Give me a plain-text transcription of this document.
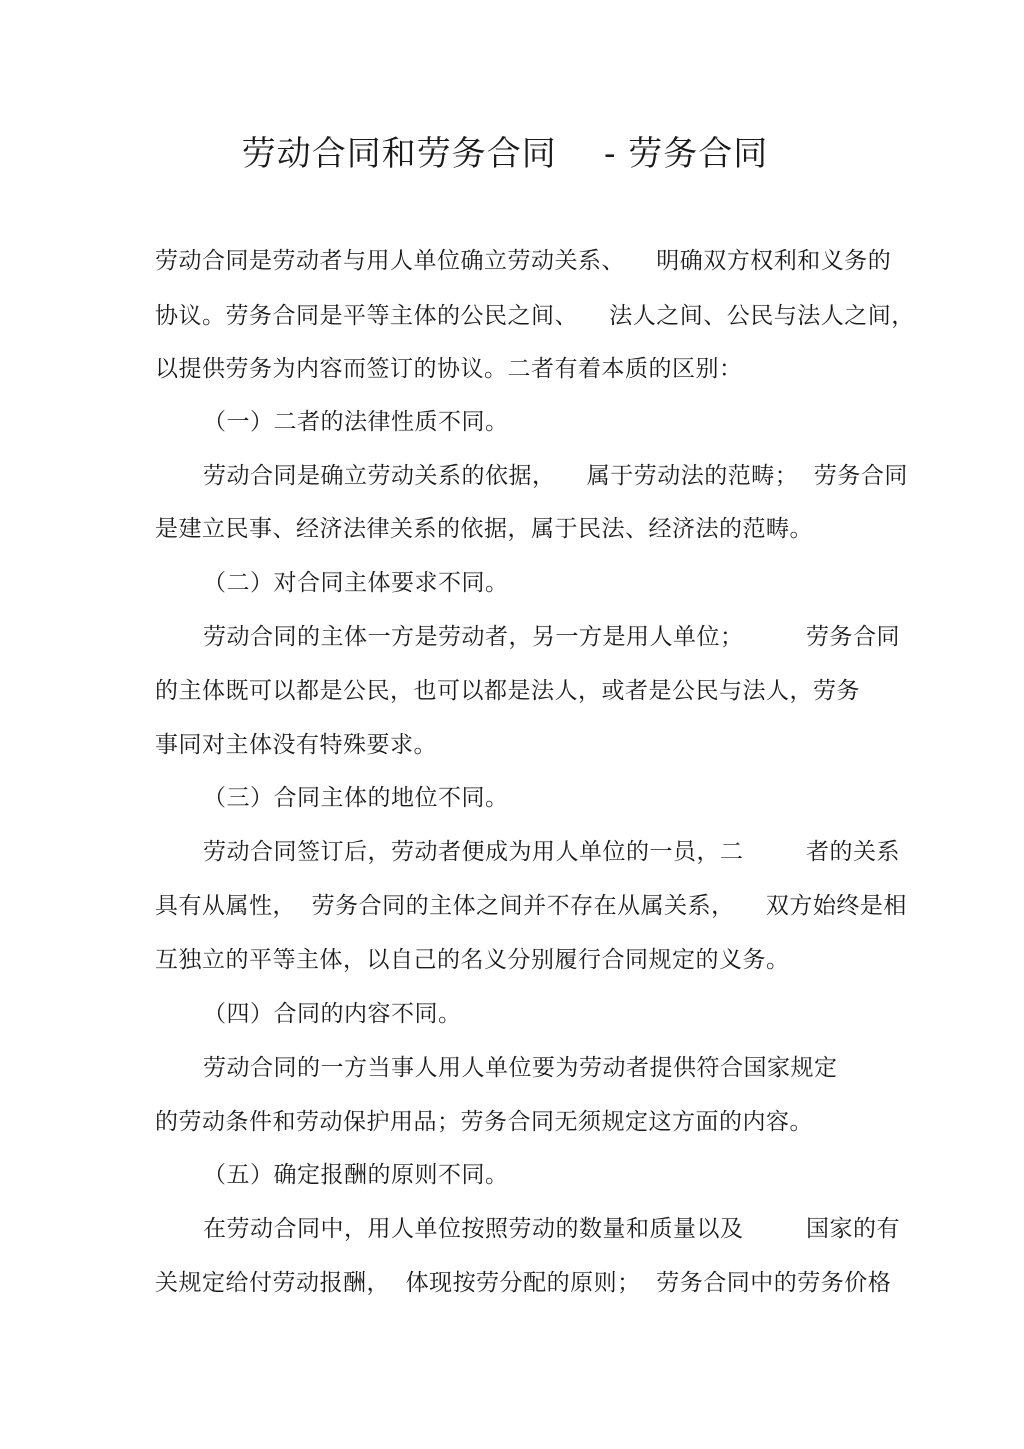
劳动合同和劳务合同    - 劳务合同
劳动合同是劳动者与用人单位确立劳动关系、    明确双方权利和义务的
协议。劳务合同是平等主体的公民之间、    法人之间、公民与法人之间，
以提供劳务为内容而签订的协议。二者有着本质的区别：
（一）二者的法律性质不同。
劳动合同是确立劳动关系的依据，    属于劳动法的范畴；  劳务合同
是建立民事、经济法律关系的依据，属于民法、经济法的范畴。
（二）对合同主体要求不同。
劳动合同的主体一方是劳动者，另一方是用人单位；        劳务合同
的主体既可以都是公民，也可以都是法人，或者是公民与法人，劳务
事同对主体没有特殊要求。
（三）合同主体的地位不同。
劳动合同签订后，劳动者便成为用人单位的一员，二        者的关系
具有从属性，  劳务合同的主体之间并不存在从属关系，    双方始终是相
互独立的平等主体，以自己的名义分别履行合同规定的义务。
（四）合同的内容不同。
劳动合同的一方当事人用人单位要为劳动者提供符合国家规定
的劳动条件和劳动保护用品；劳务合同无须规定这方面的内容。
（五）确定报酬的原则不同。
在劳动合同中，用人单位按照劳动的数量和质量以及        国家的有
关规定给付劳动报酬，  体现按劳分配的原则；  劳务合同中的劳务价格
